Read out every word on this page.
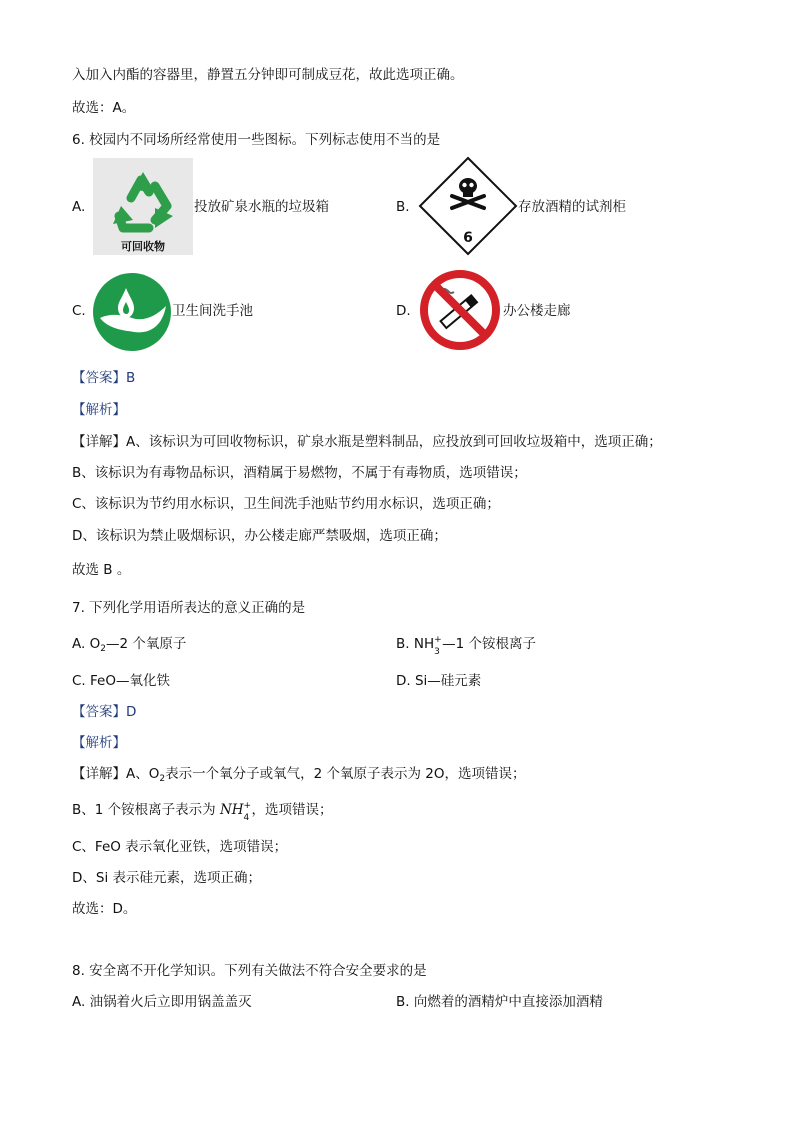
入加入内酯的容器里，静置五分钟即可制成豆花，故此选项正确。
故选：A。
6. 校园内不同场所经常使用一些图标。下列标志使用不当的是
A.
可回收物
投放矿泉水瓶的垃圾箱	B.
6
存放酒精的试剂柜
C.	卫生间洗手池	D.	办公楼走廊
【答案】B
【解析】
【详解】A、该标识为可回收物标识，矿泉水瓶是塑料制品，应投放到可回收垃圾箱中，选项正确；
B、该标识为有毒物品标识，酒精属于易燃物，不属于有毒物质，选项错误；
C、该标识为节约用水标识，卫生间洗手池贴节约用水标识，选项正确；
D、该标识为禁止吸烟标识，办公楼走廊严禁吸烟，选项正确；
故选 B 。
7. 下列化学用语所表达的意义正确的是
A. $O_2—2$ 个氧原子	B. NH +
3 —1 个铵根离子
C. FeO—氧化铁	D. Si—硅元素
【答案】D
【解析】
【详解】A、$O_2$表示一个氧分子或氧气，2 个氧原子表示为 2O，选项错误；
B、1 个铵根离子表示为 NH +
4 ，选项错误；
C、FeO 表示氧化亚铁，选项错误；
D、Si 表示硅元素，选项正确；
故选：D。
8. 安全离不开化学知识。下列有关做法不符合安全要求的是
A. 油锅着火后立即用锅盖盖灭	B. 向燃着的酒精炉中直接添加酒精
